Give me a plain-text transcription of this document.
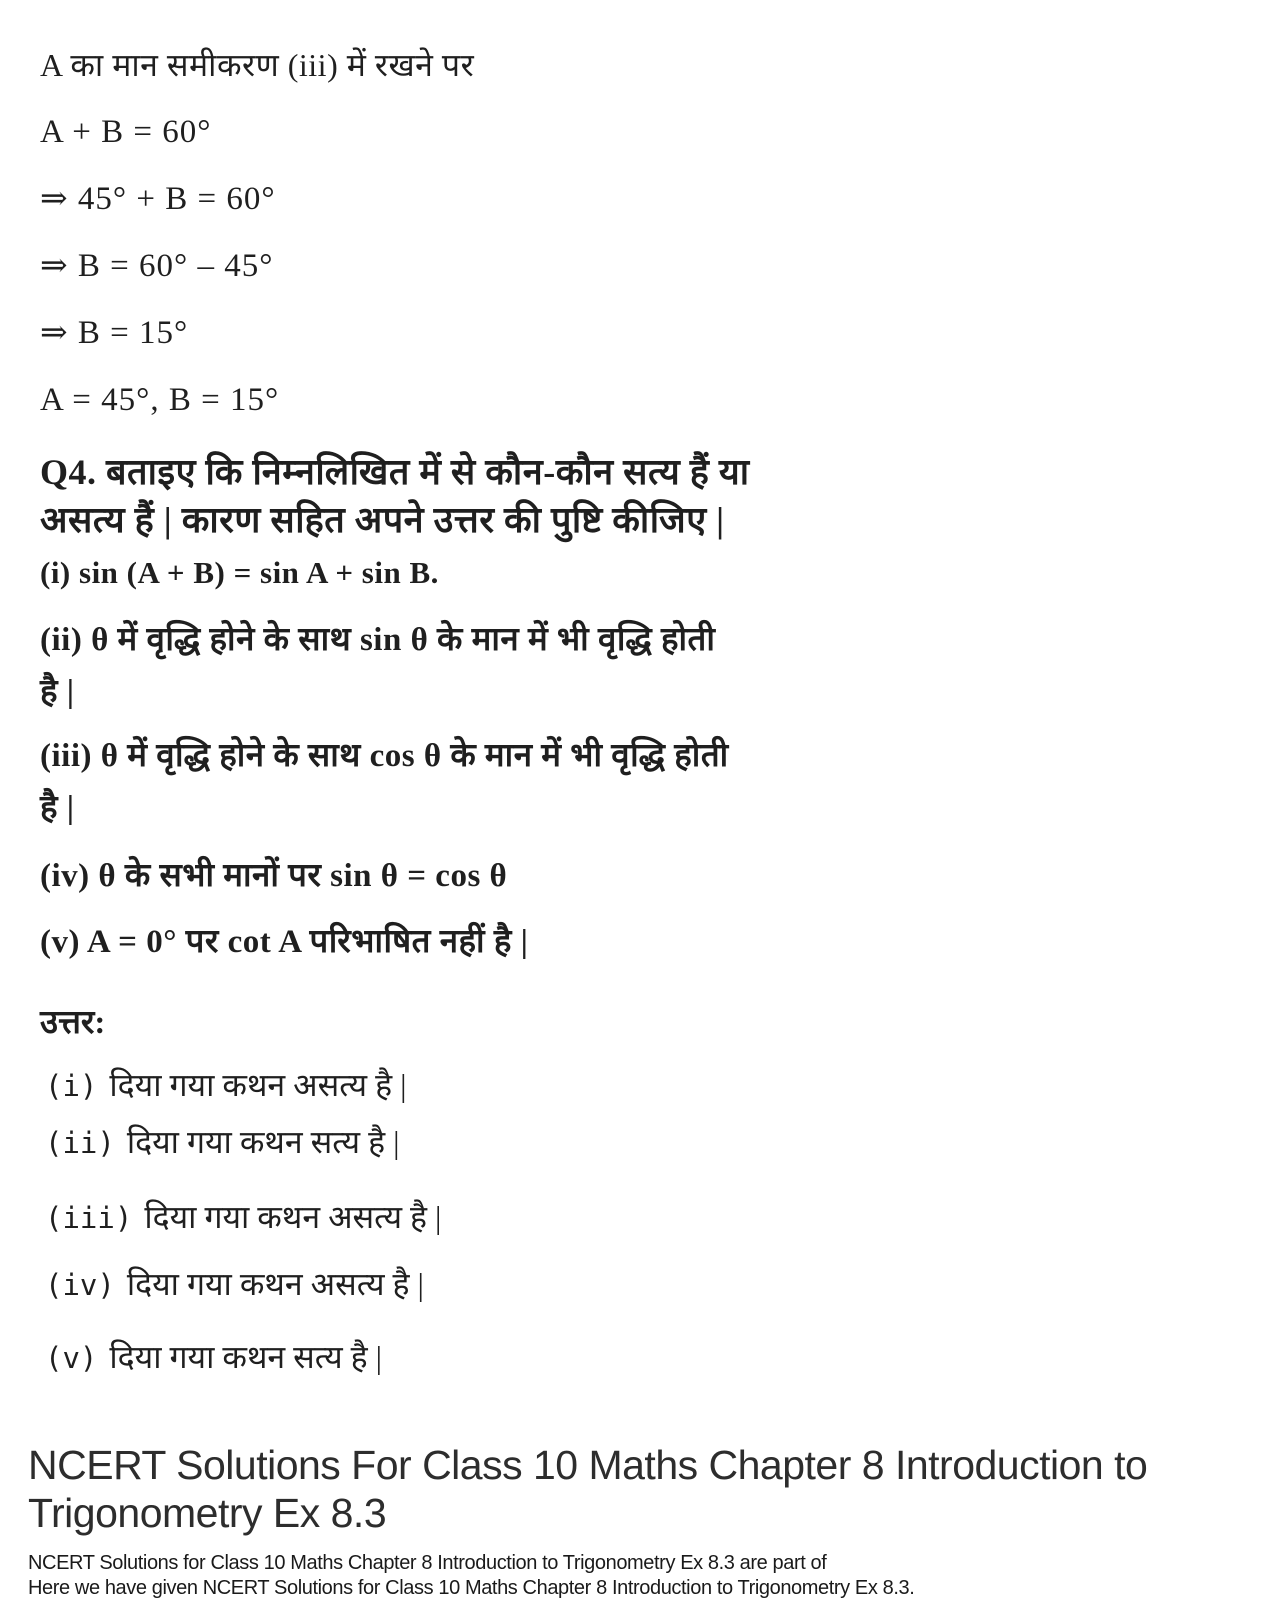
A का मान समीकरण (iii) में रखने पर

A + B = 60°

⇒ 45° + B = 60°

⇒ B = 60° – 45°

⇒ B = 15°

A = 45°, B = 15°

Q4. बताइए कि निम्नलिखित में से कौन-कौन सत्य हैं या

असत्य हैं | कारण सहित अपने उत्तर की पुष्टि कीजिए |

(i) sin (A + B) = sin A + sin B.

(ii) θ में वृद्धि होने के साथ sin θ के मान में भी वृद्धि होती

है |

(iii) θ में वृद्धि होने के साथ cos θ के मान में भी वृद्धि होती

है |

(iv) θ के सभी मानों पर sin θ = cos θ

(v) A = 0° पर cot A परिभाषित नहीं है |

उत्तर:

(i) दिया गया कथन असत्य है |

(ii) दिया गया कथन सत्य है |

(iii) दिया गया कथन असत्य है |

(iv) दिया गया कथन असत्य है |

(v) दिया गया कथन सत्य है |

NCERT Solutions For Class 10 Maths Chapter 8 Introduction to Trigonometry Ex 8.3

NCERT Solutions for Class 10 Maths Chapter 8 Introduction to Trigonometry Ex 8.3 are part of
Here we have given NCERT Solutions for Class 10 Maths Chapter 8 Introduction to Trigonometry Ex 8.3.
